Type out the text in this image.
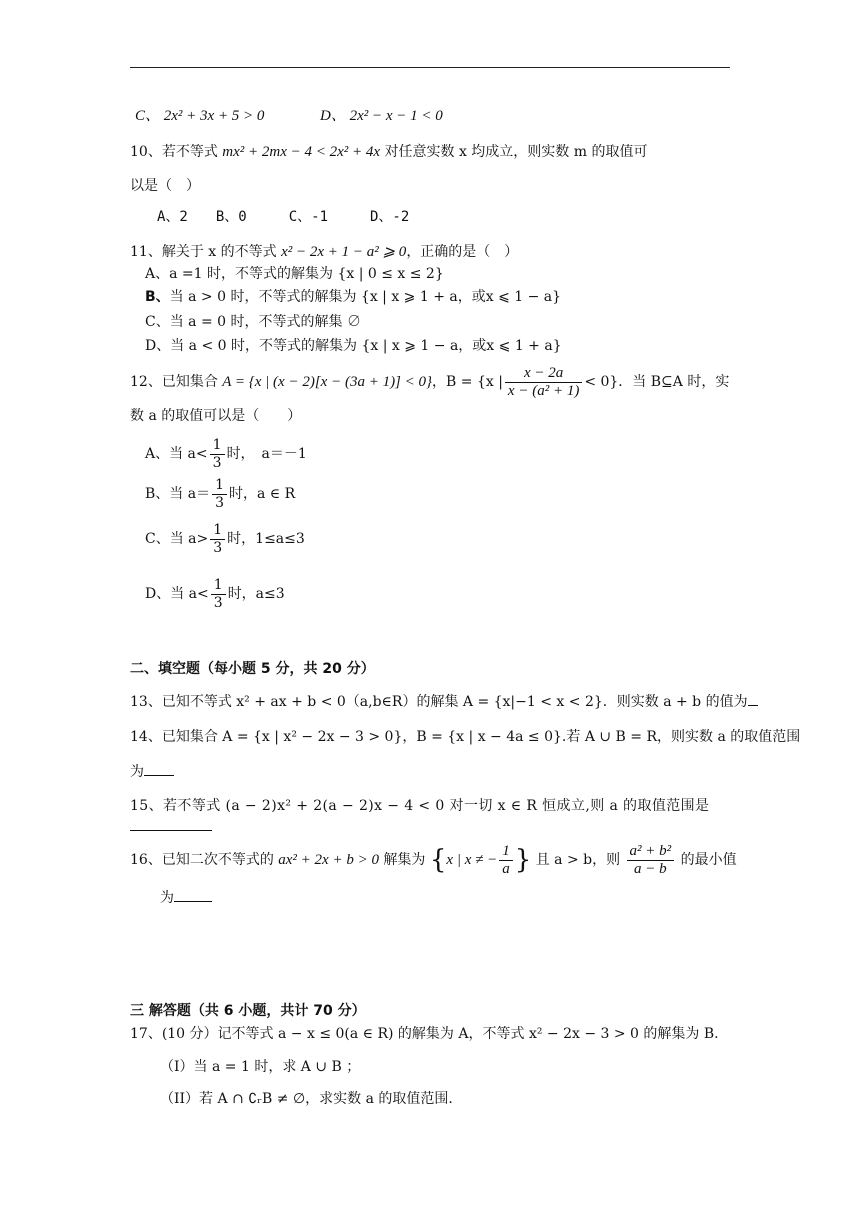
C、 2x² + 3x + 5 > 0	D、 2x² − x − 1 < 0
10、若不等式 mx² + 2mx − 4 < 2x² + 4x 对任意实数 x 均成立，则实数 m 的取值可
以是（　）
A、2　　B、0　　　C、-1　　　D、-2
11、解关于 x 的不等式 x² − 2x + 1 − a² ⩾ 0，正确的是（　）
A、a =1 时，不等式的解集为 {x | 0 ≤ x ≤ 2}
B、当 a > 0 时，不等式的解集为 {x | x ⩾ 1 + a，或x ⩽ 1 − a}
C、当 a = 0 时，不等式的解集 ∅
D、当 a < 0 时，不等式的解集为 {x | x ⩾ 1 − a，或x ⩽ 1 + a}
12、已知集合 A = {x | (x − 2)[x − (3a + 1)] < 0}，B = {x | $\frac{x - 2a}{\text{x − (a² + 1)}} < 0$}．当 B⊆A 时，实
数 a 的取值可以是（　　）
A、当 $a< \frac{1}{3}$ 时，　a＝－1
B、当 $a= \frac{1}{3}$ 时，a ∈ R
C、当 $a> \frac{1}{3}$ 时，1≤a≤3
D、当 $a< \frac{1}{3}$ 时，a≤3
二、填空题（每小题 5 分，共 20 分）
13、已知不等式 x² + ax + b < 0（a,b∈R）的解集 A = {x|−1 < x < 2}．则实数 a + b 的值为
14、已知集合 A = {x | x² − 2x − 3 > 0}，B = {x | x − 4a ≤ 0}.若 A ∪ B = R，则实数 a 的取值范围
为
15、若不等式 (a − 2)x² + 2(a − 2)x − 4 < 0 对一切 x ∈ R 恒成立,则 a 的取值范围是
16、已知二次不等式的 ax² + 2x + b > 0 解集为 {x | x ≠ − $\frac{1}{a}$ } 且 a > b，则 $\frac{\text{a² + b²}}{a - b}$ 的最小值
为
三 解答题（共 6 小题，共计 70 分）
17、(10 分）记不等式 a − x ≤ 0(a ∈ R) 的解集为 A，不等式 x² − 2x − 3 > 0 的解集为 B.
（I）当 a = 1 时，求 A ∪ B ；
（II）若 A ∩ ∁ᵣB ≠ ∅，求实数 a 的取值范围.
